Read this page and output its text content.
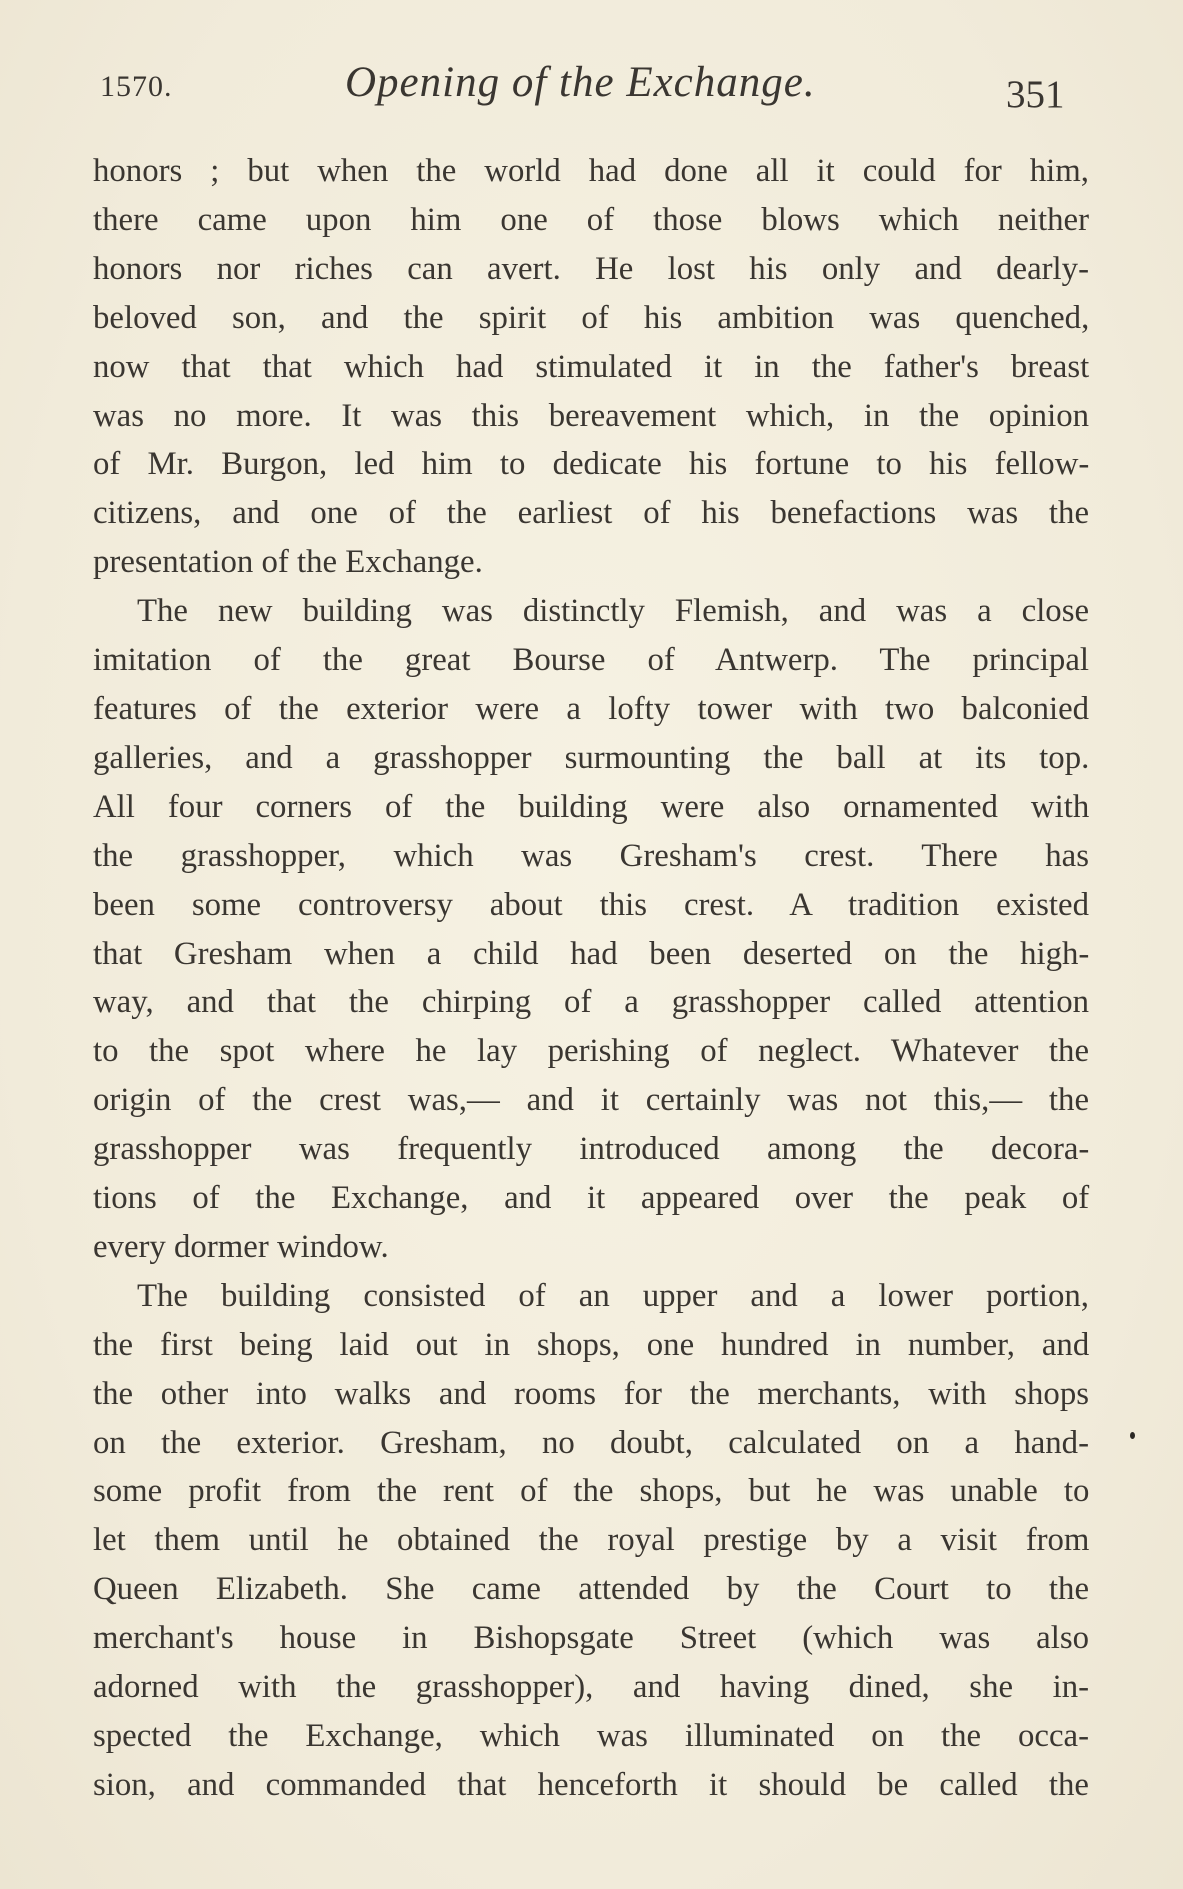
1570.	Opening of the Exchange.	351
honors ; but when the world had done all it could for him,
there came upon him one of those blows which neither
honors nor riches can avert. He lost his only and dearly-
beloved son, and the spirit of his ambition was quenched,
now that that which had stimulated it in the father's breast
was no more. It was this bereavement which, in the opinion
of Mr. Burgon, led him to dedicate his fortune to his fellow-
citizens, and one of the earliest of his benefactions was the
presentation of the Exchange.
The new building was distinctly Flemish, and was a close
imitation of the great Bourse of Antwerp. The principal
features of the exterior were a lofty tower with two balconied
galleries, and a grasshopper surmounting the ball at its top.
All four corners of the building were also ornamented with
the grasshopper, which was Gresham's crest. There has
been some controversy about this crest. A tradition existed
that Gresham when a child had been deserted on the high-
way, and that the chirping of a grasshopper called attention
to the spot where he lay perishing of neglect. Whatever the
origin of the crest was,— and it certainly was not this,— the
grasshopper was frequently introduced among the decora-
tions of the Exchange, and it appeared over the peak of
every dormer window.
The building consisted of an upper and a lower portion,
the first being laid out in shops, one hundred in number, and
the other into walks and rooms for the merchants, with shops
on the exterior. Gresham, no doubt, calculated on a hand-
some profit from the rent of the shops, but he was unable to
let them until he obtained the royal prestige by a visit from
Queen Elizabeth. She came attended by the Court to the
merchant's house in Bishopsgate Street (which was also
adorned with the grasshopper), and having dined, she in-
spected the Exchange, which was illuminated on the occa-
sion, and commanded that henceforth it should be called the
